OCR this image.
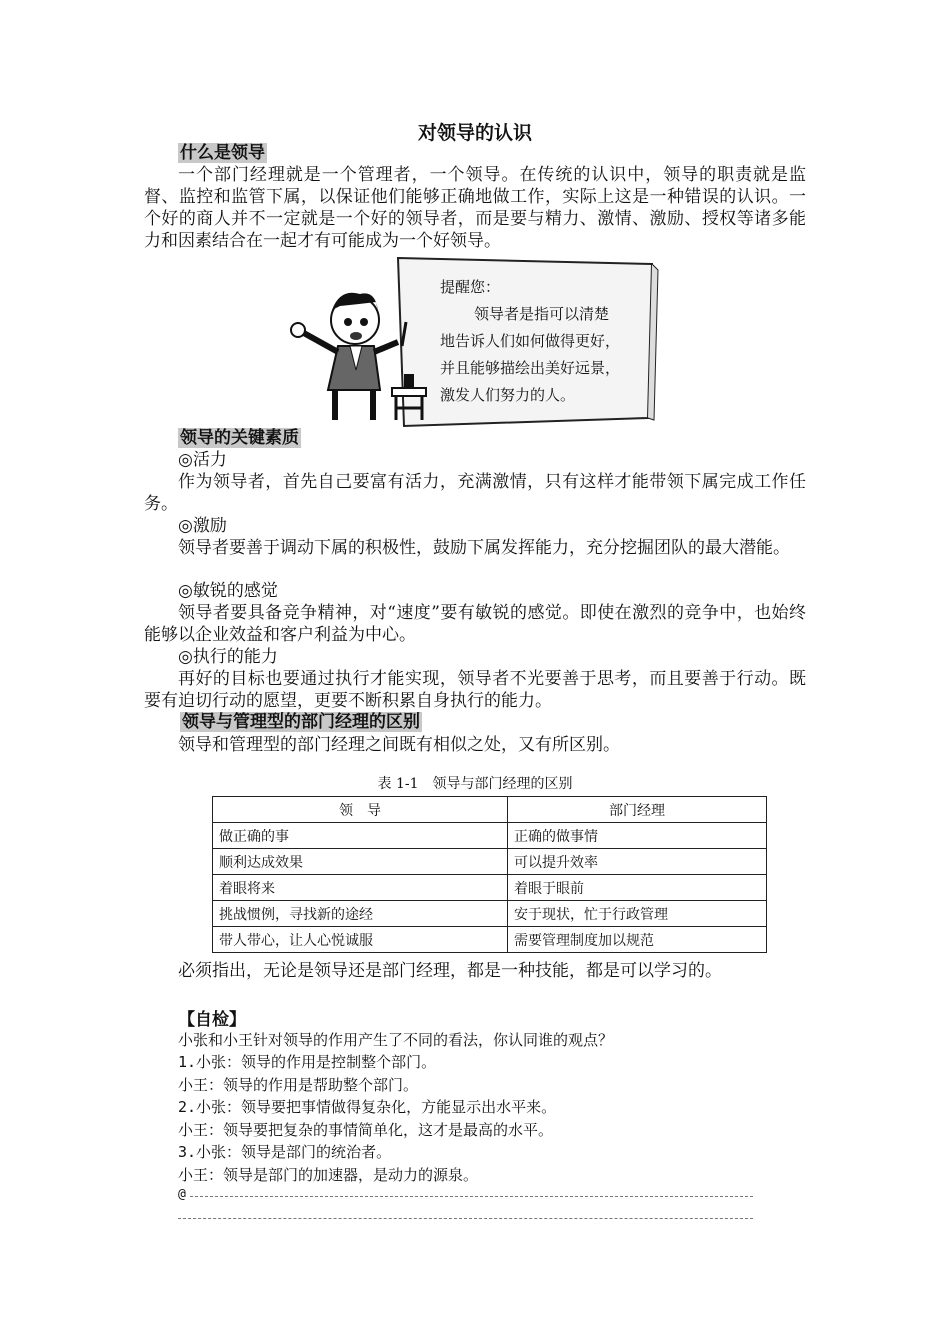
对领导的认识
什么是领导
一个部门经理就是一个管理者，一个领导。在传统的认识中，领导的职责就是监督、监控和监管下属，以保证他们能够正确地做工作，实际上这是一种错误的认识。一个好的商人并不一定就是一个好的领导者，而是要与精力、激情、激励、授权等诸多能力和因素结合在一起才有可能成为一个好领导。
提醒您：
领导者是指可以清楚
地告诉人们如何做得更好，
并且能够描绘出美好远景，
激发人们努力的人。
领导的关键素质
◎活力
作为领导者，首先自己要富有活力，充满激情，只有这样才能带领下属完成工作任务。
◎激励
领导者要善于调动下属的积极性，鼓励下属发挥能力，充分挖掘团队的最大潜能。
◎敏锐的感觉
领导者要具备竞争精神，对“速度”要有敏锐的感觉。即使在激烈的竞争中，也始终能够以企业效益和客户利益为中心。
◎执行的能力
再好的目标也要通过执行才能实现，领导者不光要善于思考，而且要善于行动。既要有迫切行动的愿望，更要不断积累自身执行的能力。
领导与管理型的部门经理的区别
领导和管理型的部门经理之间既有相似之处，又有所区别。
表 1-1　领导与部门经理的区别
领　导	部门经理
做正确的事	正确的做事情
顺利达成效果	可以提升效率
着眼将来	着眼于眼前
挑战惯例，寻找新的途经	安于现状，忙于行政管理
带人带心，让人心悦诚服	需要管理制度加以规范
必须指出，无论是领导还是部门经理，都是一种技能，都是可以学习的。
【自检】
小张和小王针对领导的作用产生了不同的看法，你认同谁的观点？
1.小张：领导的作用是控制整个部门。
小王：领导的作用是帮助整个部门。
2.小张：领导要把事情做得复杂化，方能显示出水平来。
小王：领导要把复杂的事情简单化，这才是最高的水平。
3.小张：领导是部门的统治者。
小王：领导是部门的加速器，是动力的源泉。
@
